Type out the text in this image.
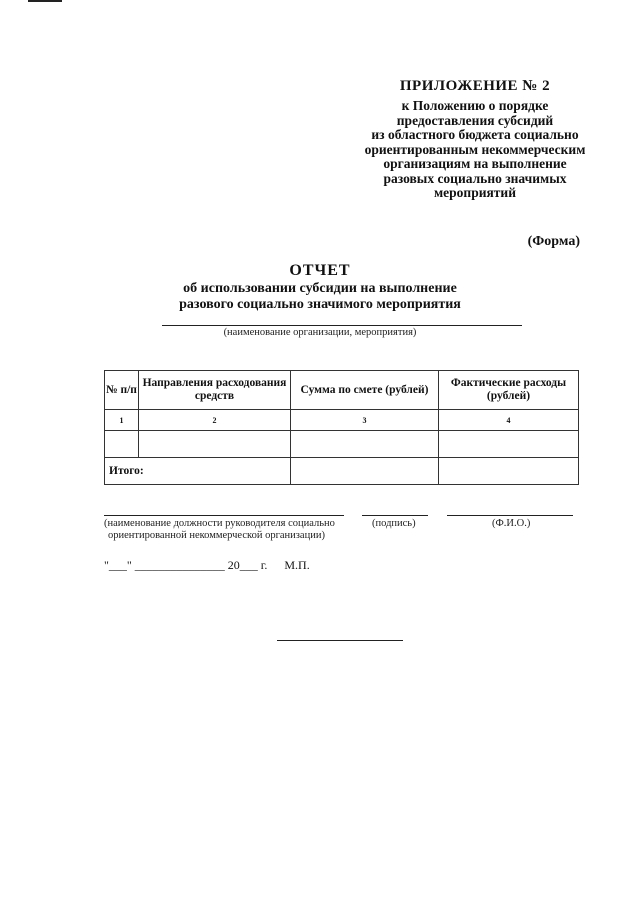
ПРИЛОЖЕНИЕ № 2
к Положению о порядке
предоставления субсидий
из областного бюджета социально
ориентированным некоммерческим
организациям на выполнение
разовых социально значимых
мероприятий
(Форма)
ОТЧЕТ
об использовании субсидии на выполнение
разового социально значимого мероприятия
(наименование организации, мероприятия)
№ п/п	Направления расходования средств	Сумма по смете (рублей)	Фактические расходы (рублей)
1	2	3	4

Итого:			
(наименование должности руководителя социально
ориентированной некоммерческой организации)
(подпись)	(Ф.И.О.)
"___" _______________ 20___ г. М.П.
